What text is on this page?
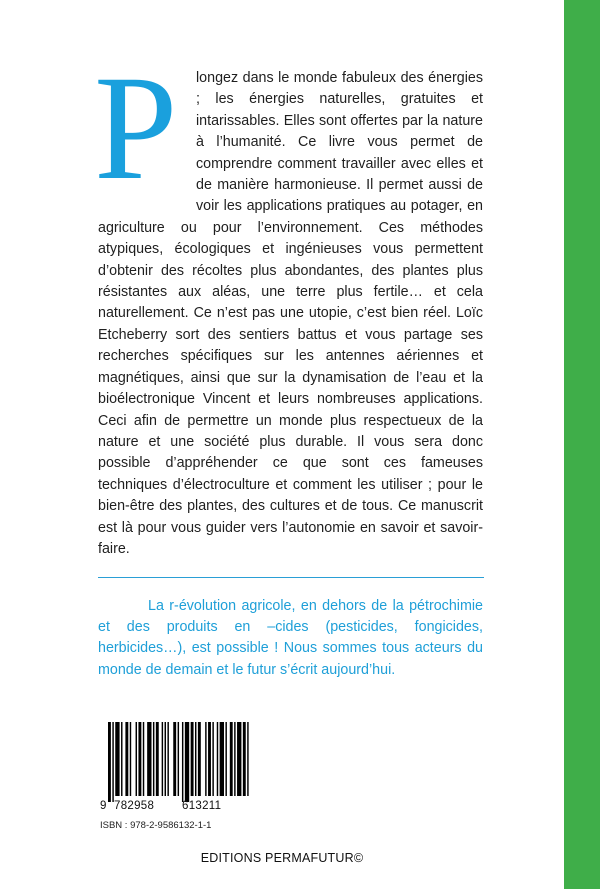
P	longez dans le monde fabuleux des énergies ; les énergies naturelles, gratuites et intarissables. Elles sont offertes par la nature à l’humanité. Ce livre vous permet de comprendre comment travailler avec elles et de manière harmonieuse. Il permet aussi de voir les applications pratiques au potager, en agriculture ou pour l’environnement. Ces méthodes atypiques, écologiques et ingénieuses vous permettent d’obtenir des récoltes plus abondantes, des plantes plus résistantes aux aléas, une terre plus fertile… et cela naturellement. Ce n’est pas une utopie, c’est bien réel. Loïc Etcheberry sort des sentiers battus et vous partage ses recherches spécifiques sur les antennes aériennes et magnétiques, ainsi que sur la dynamisation de l’eau et la bioélectronique Vincent et leurs nombreuses applications. Ceci afin de permettre un monde plus respectueux de la nature et une société plus durable. Il vous sera donc possible d’appréhender ce que sont ces fameuses techniques d’électroculture et comment les utiliser ; pour le bien-être des plantes, des cultures et de tous. Ce manuscrit est là pour vous guider vers l’autonomie en savoir et savoir-faire.
La r-évolution agricole, en dehors de la pétrochimie et des produits en –cides (pesticides, fongicides, herbicides…), est possible ! Nous sommes tous acteurs du monde de demain et le futur s’écrit aujourd’hui.
9 782958	613211
ISBN : 978-2-9586132-1-1
EDITIONS PERMAFUTUR©
